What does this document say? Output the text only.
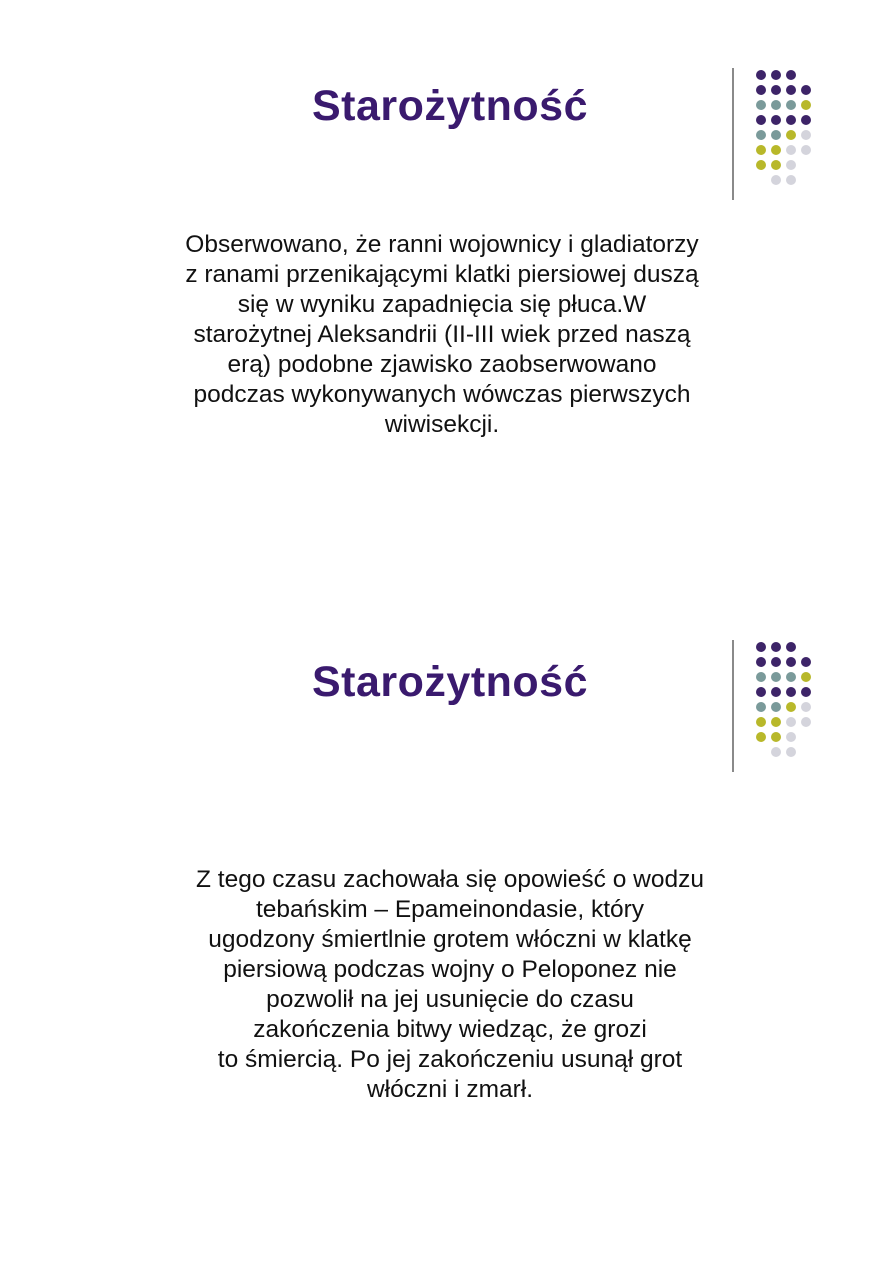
Starożytność

Obserwowano, że ranni wojownicy i gladiatorzy
z ranami przenikającymi klatki piersiowej duszą
się w wyniku zapadnięcia się płuca.W
starożytnej Aleksandrii (II-III wiek przed naszą
erą) podobne zjawisko zaobserwowano
podczas wykonywanych wówczas pierwszych
wiwisekcji.

Starożytność

Z tego czasu zachowała się opowieść o wodzu
tebańskim – Epameinondasie, który
ugodzony śmiertlnie grotem włóczni w klatkę
piersiową podczas wojny o Peloponez nie
pozwolił na jej usunięcie do czasu
zakończenia bitwy wiedząc, że grozi
to śmiercią. Po jej zakończeniu usunął grot
włóczni i zmarł.
